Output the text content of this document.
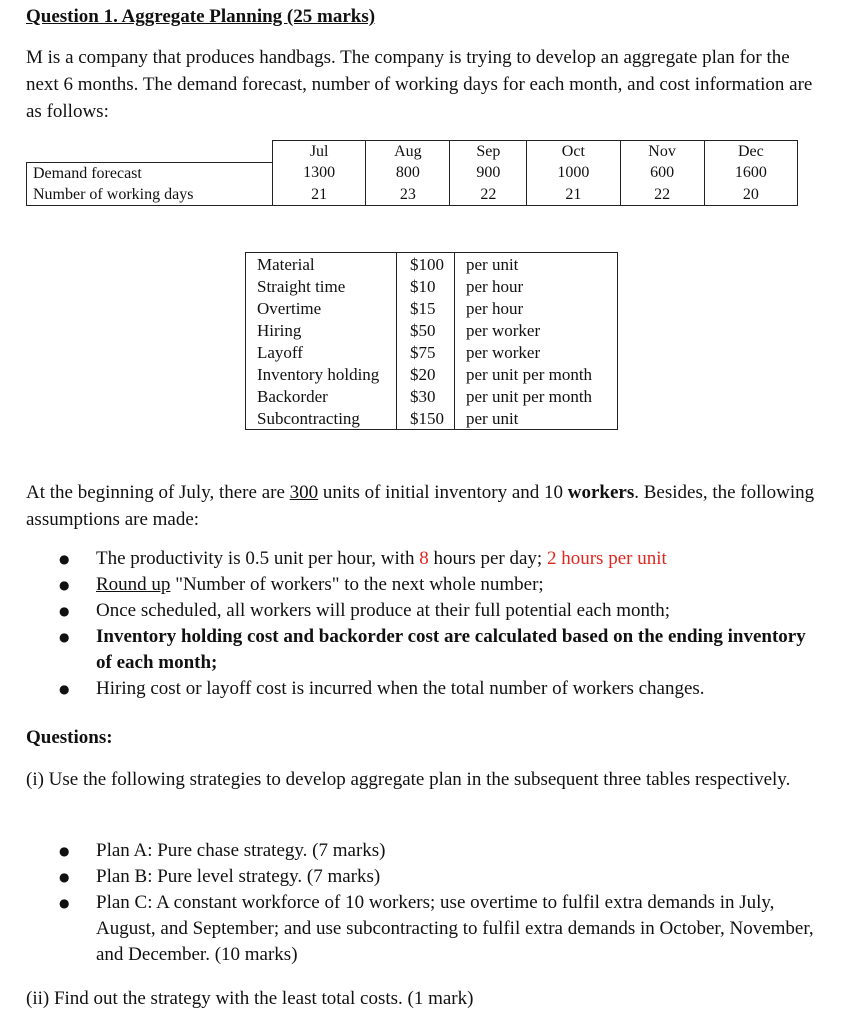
Question 1. Aggregate Planning (25 marks)
M is a company that produces handbags. The company is trying to develop an aggregate plan for the next 6 months. The demand forecast, number of working days for each month, and cost information are as follows:
	Jul	Aug	Sep	Oct	Nov	Dec
Demand forecast	1300	800	900	1000	600	1600
Number of working days	21	23	22	21	22	20
Material	$100	per unit
Straight time	$10	per hour
Overtime	$15	per hour
Hiring	$50	per worker
Layoff	$75	per worker
Inventory holding	$20	per unit per month
Backorder	$30	per unit per month
Subcontracting	$150	per unit
At the beginning of July, there are 300 units of initial inventory and 10 workers. Besides, the following assumptions are made:
● The productivity is 0.5 unit per hour, with 8 hours per day; 2 hours per unit
● Round up "Number of workers" to the next whole number;
● Once scheduled, all workers will produce at their full potential each month;
● Inventory holding cost and backorder cost are calculated based on the ending inventory of each month;
● Hiring cost or layoff cost is incurred when the total number of workers changes.
Questions:
(i) Use the following strategies to develop aggregate plan in the subsequent three tables respectively.
● Plan A: Pure chase strategy. (7 marks)
● Plan B: Pure level strategy. (7 marks)
● Plan C: A constant workforce of 10 workers; use overtime to fulfil extra demands in July, August, and September; and use subcontracting to fulfil extra demands in October, November, and December. (10 marks)
(ii) Find out the strategy with the least total costs. (1 mark)
